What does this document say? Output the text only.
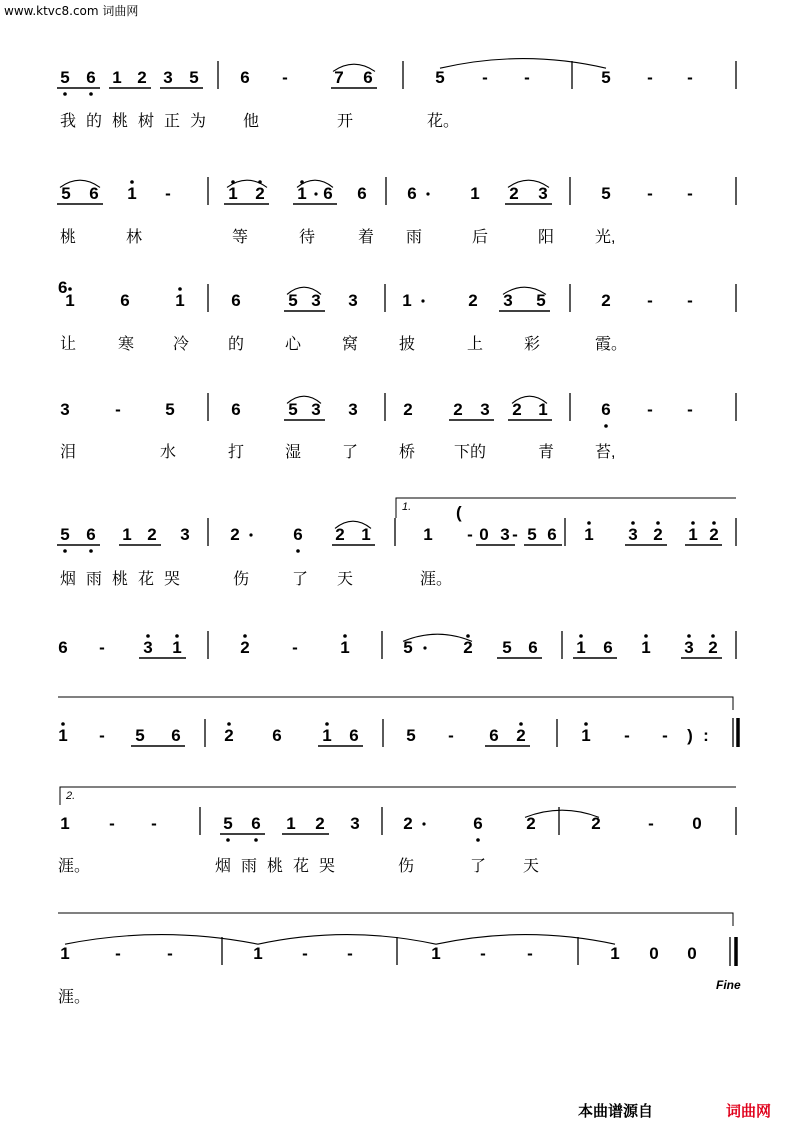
www.ktvc8.com 词曲网
5 6 1 2 3 5 6 -	7 6	5 - -	5 - -
我 的 桃 树 正 为 他	开	花。
5 6 1 -	1 2 1 6 6 6	1 2 3	5 - -
桃	林	等	待	着 雨	后	阳	光,
1	6	1	6	5 3 3	1	2 3 5	2 - -
让	寒 冷 的	心	窝	披	上	彩	霞。
3	-	5	6	5 3 3	2 2 3 2 1	6 - -
泪	水	打	湿	了	桥 下的	青	苔,
5 6 1 2 3 2	6 2 1	1 - -
0 3 5 6 1 3 2 1 2
烟 雨 桃 花 哭	伤	了 天	涯。
6 - 3 1	2 - 1	5	2 5 6 1 6 1 3 2
1 - 5 6	2 6 1 6	5 - 6 2	1 - - ) :
1 - -	5 6 1 2 3	2	6	2	2	- 0
涯。	烟 雨 桃 花 哭	伤	了 天
1	-	-	1 - -	1 - -	1 0 0
涯。
6
1.	(
2.
Fine
本曲谱源自	词曲网
